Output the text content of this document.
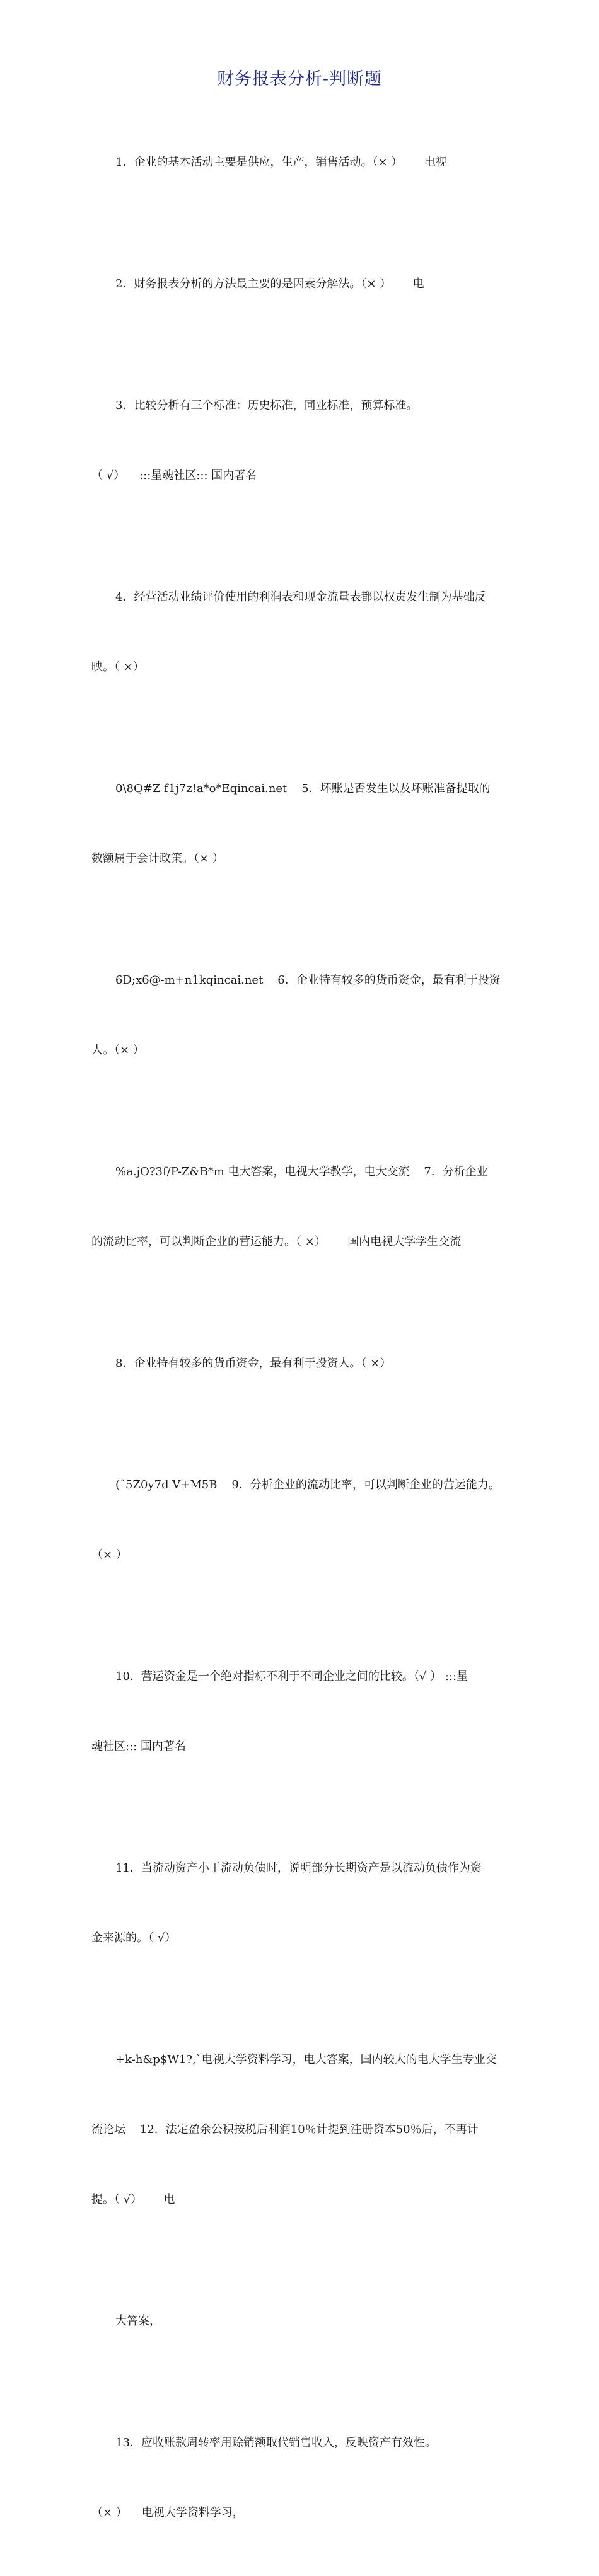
财务报表分析-判断题

1．企业的基本活动主要是供应，生产，销售活动。（× ）      电视

2．财务报表分析的方法最主要的是因素分解法。（× ）      电

3．比较分析有三个标准：历史标准，同业标准，预算标准。

（ √）    :::星魂社区::: 国内著名

4．经营活动业绩评价使用的利润表和现金流量表都以权责发生制为基础反

映。（ ×）

0\8Q#Z f1j7z!a*o*Eqincai.net    5．坏账是否发生以及坏账准备提取的

数额属于会计政策。（× ）

6D;x6@-m+n1kqincai.net    6．企业特有较多的货币资金，最有利于投资

人。（× ）

%a.jO?3f/P-Z&B*m 电大答案，电视大学教学，电大交流    7．分析企业

的流动比率，可以判断企业的营运能力。（ ×）      国内电视大学学生交流

8．企业特有较多的货币资金，最有利于投资人。（ ×）

(ˆ5Z0y7d V+M5B    9．分析企业的流动比率，可以判断企业的营运能力。

（× ）

10．营运资金是一个绝对指标不利于不同企业之间的比较。（√ ） :::星

魂社区::: 国内著名

11．当流动资产小于流动负债时，说明部分长期资产是以流动负债作为资

金来源的。（ √）

+k-h&p$W1?,`电视大学资料学习，电大答案，国内较大的电大学生专业交

流论坛    12．法定盈余公积按税后利润10％计提到注册资本50％后，不再计

提。（ √）      电

大答案，

13．应收账款周转率用赊销额取代销售收入，反映资产有效性。

（× ）    电视大学资料学习，
